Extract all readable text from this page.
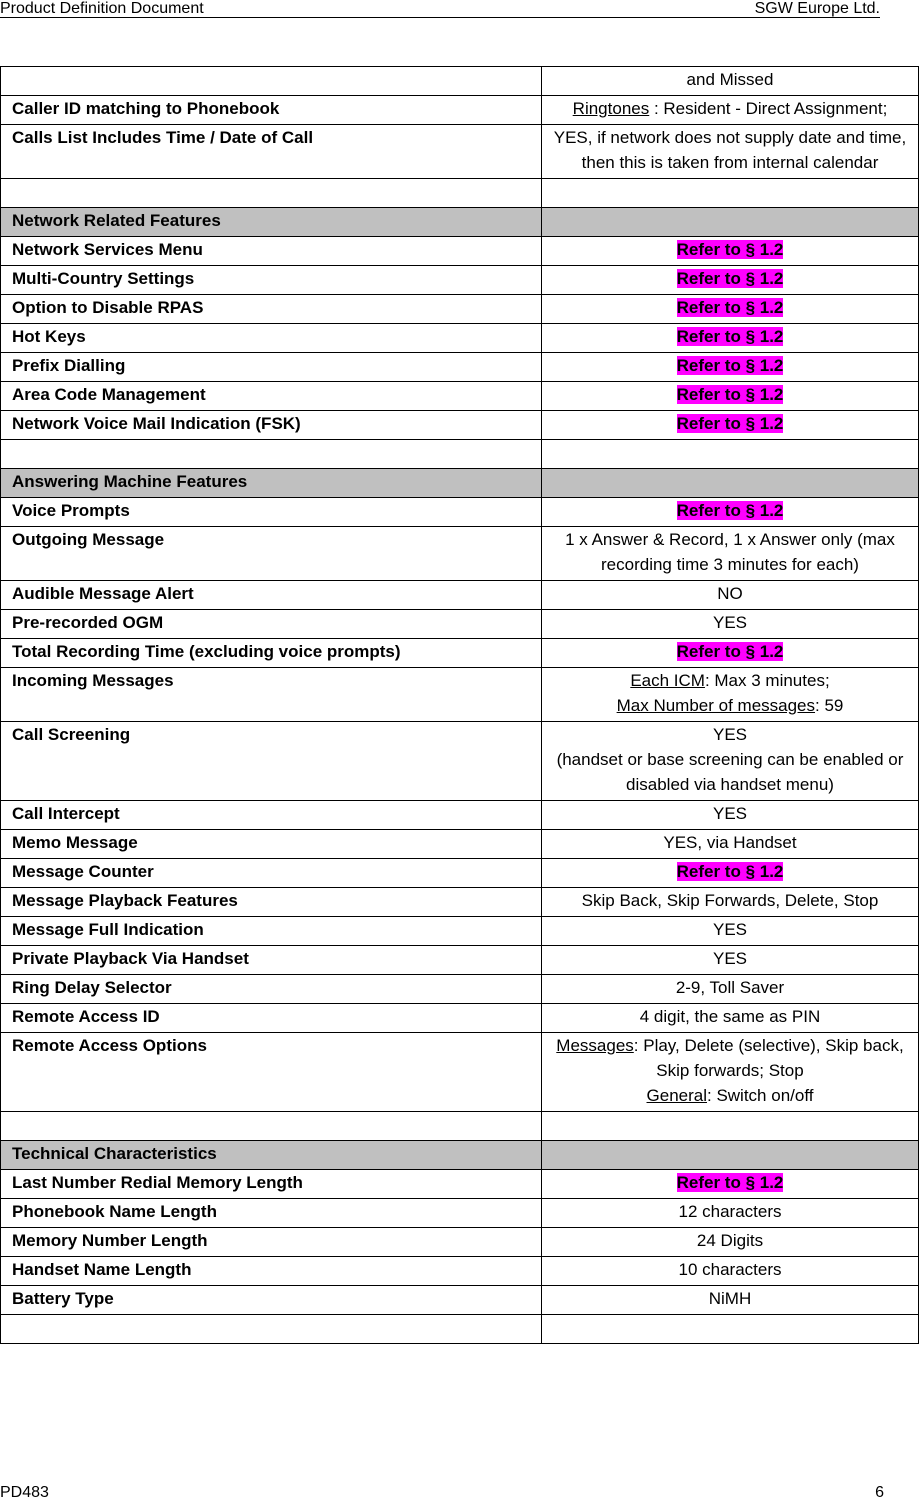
Product Definition Document	SGW Europe Ltd.
	and Missed
Caller ID matching to Phonebook	Ringtones : Resident - Direct Assignment;
Calls List Includes Time / Date of Call	YES, if network does not supply date and time, then this is taken from internal calendar

Network Related Features	
Network Services Menu	Refer to § 1.2
Multi-Country Settings	Refer to § 1.2
Option to Disable RPAS	Refer to § 1.2
Hot Keys	Refer to § 1.2
Prefix Dialling	Refer to § 1.2
Area Code Management	Refer to § 1.2
Network Voice Mail Indication (FSK)	Refer to § 1.2

Answering Machine Features	
Voice Prompts	Refer to § 1.2
Outgoing Message	1 x Answer & Record, 1 x Answer only (max recording time 3 minutes for each)
Audible Message Alert	NO
Pre-recorded OGM	YES
Total Recording Time (excluding voice prompts)	Refer to § 1.2
Incoming Messages	Each ICM: Max 3 minutes;
Max Number of messages: 59

Call Screening	YES
(handset or base screening can be enabled or disabled via handset menu)

Call Intercept	YES
Memo Message	YES, via Handset
Message Counter	Refer to § 1.2
Message Playback Features	Skip Back, Skip Forwards, Delete, Stop
Message Full Indication	YES
Private Playback Via Handset	YES
Ring Delay Selector	2-9, Toll Saver
Remote Access ID	4 digit, the same as PIN
Remote Access Options	Messages: Play, Delete (selective), Skip back, Skip forwards; Stop
General: Switch on/off

Technical Characteristics	
Last Number Redial Memory Length	Refer to § 1.2
Phonebook Name Length	12 characters
Memory Number Length	24 Digits
Handset Name Length	10 characters
Battery Type	NiMH

PD483	6
